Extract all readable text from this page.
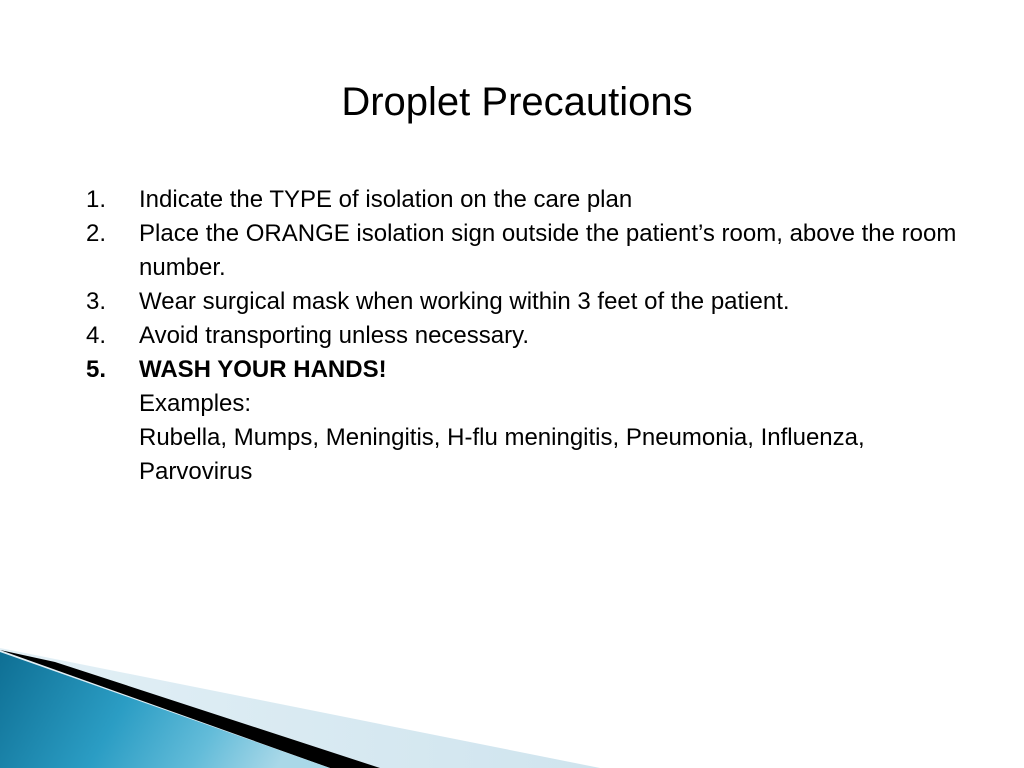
Droplet Precautions
1.	Indicate the TYPE of isolation on the care plan
2.	Place the ORANGE isolation sign outside the patient’s room, above the room number.
3.	Wear surgical mask when working within 3 feet of the patient.
4.	Avoid transporting unless necessary.
5.	WASH YOUR HANDS!
Examples:
Rubella, Mumps, Meningitis, H-flu meningitis, Pneumonia, Influenza, Parvovirus
